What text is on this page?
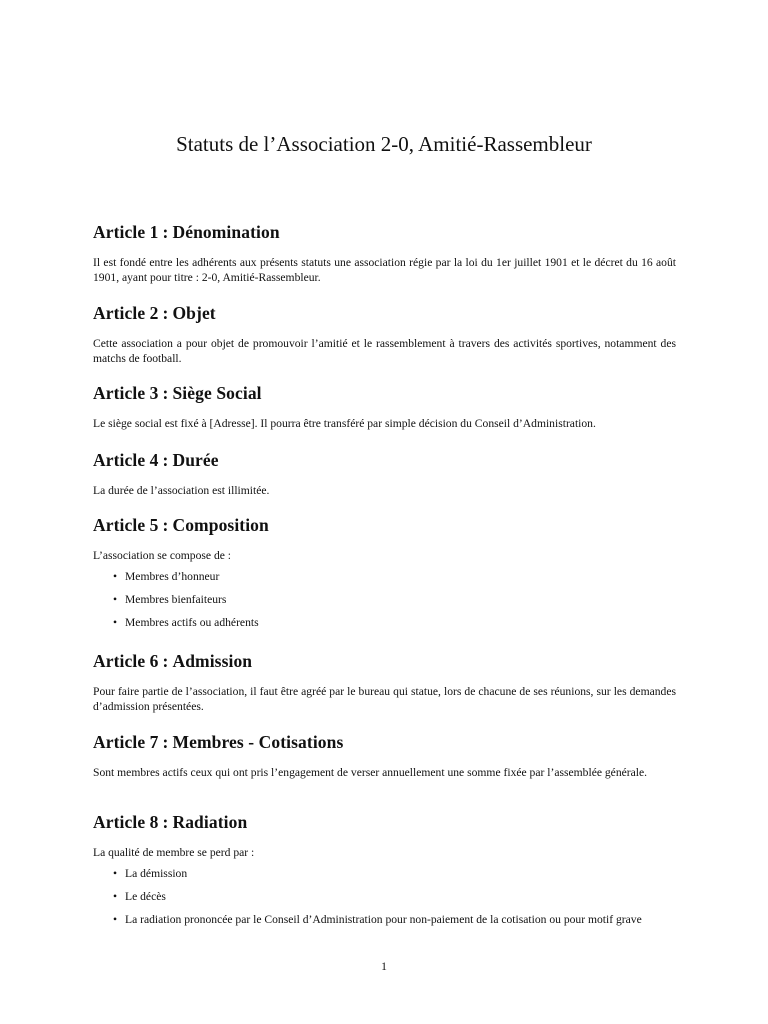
Statuts de l’Association 2-0, Amitié-Rassembleur
Article 1 : Dénomination

Il est fondé entre les adhérents aux présents statuts une association régie par la loi du 1er juillet 1901 et le décret du 16 août 1901, ayant pour titre : 2-0, Amitié-Rassembleur.

Article 2 : Objet

Cette association a pour objet de promouvoir l’amitié et le rassemblement à travers des activités sportives, notamment des matchs de football.

Article 3 : Siège Social

Le siège social est fixé à [Adresse]. Il pourra être transféré par simple décision du Conseil d’Administration.

Article 4 : Durée

La durée de l’association est illimitée.

Article 5 : Composition

L’association se compose de :

• Membres d’honneur
• Membres bienfaiteurs
• Membres actifs ou adhérents
Article 6 : Admission

Pour faire partie de l’association, il faut être agréé par le bureau qui statue, lors de chacune de ses réunions, sur les demandes d’admission présentées.

Article 7 : Membres - Cotisations

Sont membres actifs ceux qui ont pris l’engagement de verser annuellement une somme fixée par l’assemblée générale.

Article 8 : Radiation

La qualité de membre se perd par :

• La démission
• Le décès
• La radiation prononcée par le Conseil d’Administration pour non-paiement de la cotisation ou pour motif grave
1
